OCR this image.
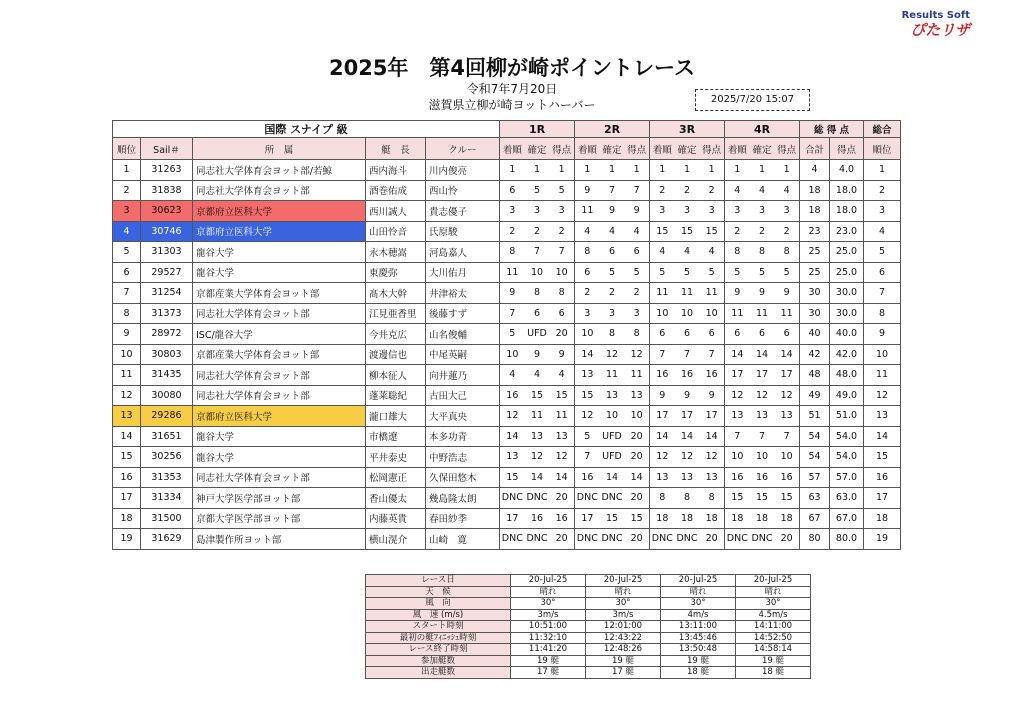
Results Soft
ぴたリザ
2025年　第4回柳が崎ポイントレース
令和7年7月20日
滋賀県立柳が崎ヨットハーバー	2025/7/20 15:07
国際 スナイプ 級					1R	2R	3R	4R	総 得 点		総合
順位	Sail＃	所　属	艇　長	クルー	着順 確定 得点	着順 確定 得点	着順 確定 得点	着順 確定 得点	合計	得点	順位
1	31263	同志社大学体育会ヨット部/若鯨	西内海斗	川内俊亮	1 1 1	1 1 1	1 1 1	1 1 1	4	4.0	1
2	31838	同志社大学体育会ヨット部	酒巻佑成	西山怜	6 5 5	9 7 7	2 2 2	4 4 4	18	18.0	2
3	30623	京都府立医科大学	西川誠人	貴志優子	3 3 3	11 9 9	3 3 3	3 3 3	18	18.0	3
4	30746	京都府立医科大学	山田怜音	氏原駿	2 2 2	4 4 4	15 15 15	2 2 2	23	23.0	4
5	31303	龍谷大学	永木穂嵩	河島嘉人	8 7 7	8 6 6	4 4 4	8 8 8	25	25.0	5
6	29527	龍谷大学	東慶弥	大川佑月	11 10 10	6 5 5	5 5 5	5 5 5	25	25.0	6
7	31254	京都産業大学体育会ヨット部	髙木大幹	井津裕太	9 8 8	2 2 2	11 11 11	9 9 9	30	30.0	7
8	31373	同志社大学体育会ヨット部	江見亜香里	後藤すず	7 6 6	3 3 3	10 10 10	11 11 11	30	30.0	8
9	28972	ISC/龍谷大学	今井克広	山名俊輔	5 UFD 20	10 8 8	6 6 6	6 6 6	40	40.0	9
10	30803	京都産業大学体育会ヨット部	渡邊信也	中尾英嗣	10 9 9	14 12 12	7 7 7	14 14 14	42	42.0	10
11	31435	同志社大学体育会ヨット部	柳本征人	向井蓮乃	4 4 4	13 11 11	16 16 16	17 17 17	48	48.0	11
12	30080	同志社大学体育会ヨット部	蓬莱聡紀	古田大己	16 15 15	15 13 13	9 9 9	12 12 12	49	49.0	12
13	29286	京都府立医科大学	瀧口雄大	大平真央	12 11 11	12 10 10	17 17 17	13 13 13	51	51.0	13
14	31651	龍谷大学	市橋遼	本多功青	14 13 13	5 UFD 20	14 14 14	7 7 7	54	54.0	14
15	30256	龍谷大学	平井泰史	中野浩志	13 12 12	7 UFD 20	12 12 12	10 10 10	54	54.0	15
16	31353	同志社大学体育会ヨット部	松岡憲正	久保田悠木	15 14 14	16 14 14	13 13 13	16 16 16	57	57.0	16
17	31334	神戸大学医学部ヨット部	香山優太	幾島隆太朗	DNC DNC 20	DNC DNC 20	8 8 8	15 15 15	63	63.0	17
18	31500	京都大学医学部ヨット部	内藤英貴	春田紗季	17 16 16	17 15 15	18 18 18	18 18 18	67	67.0	18
19	31629	島津製作所ヨット部	横山滉介	山崎　寛	DNC DNC 20	DNC DNC 20	DNC DNC 20	DNC DNC 20	80	80.0	19
レース日	20-Jul-25	20-Jul-25	20-Jul-25	20-Jul-25
天　候	晴れ	晴れ	晴れ	晴れ
風　向	30°	30°	30°	30°
風　速 (m/s)	3m/s	3m/s	4m/s	4.5m/s
スタート時刻	10:51:00	12:01:00	13:11:00	14:11:00
最初の艇ﾌｨﾆｯｼｭ時刻	11:32:10	12:43:22	13:45:46	14:52:50
レース終了時刻	11:41:20	12:48:26	13:50:48	14:58:14
参加艇数	19 艇	19 艇	19 艇	19 艇
出走艇数	17 艇	17 艇	18 艇	18 艇
